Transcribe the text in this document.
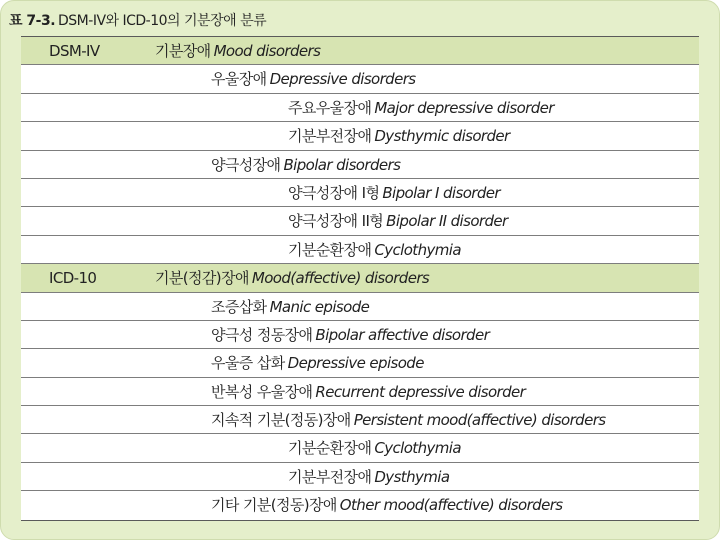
표 7-3. DSM-IV와 ICD-10의 기분장애 분류
DSM-IV	기분장애 Mood disorders
우울장애 Depressive disorders
주요우울장애 Major depressive disorder
기분부전장애 Dysthymic disorder
양극성장애 Bipolar disorders
양극성장애 I형 Bipolar I disorder
양극성장애 II형 Bipolar II disorder
기분순환장애 Cyclothymia
ICD-10	기분(정감)장애 Mood(affective) disorders
조증삽화 Manic episode
양극성 정동장애 Bipolar affective disorder
우울증 삽화 Depressive episode
반복성 우울장애 Recurrent depressive disorder
지속적 기분(정동)장애 Persistent mood(affective) disorders
기분순환장애 Cyclothymia
기분부전장애 Dysthymia
기타 기분(정동)장애 Other mood(affective) disorders
